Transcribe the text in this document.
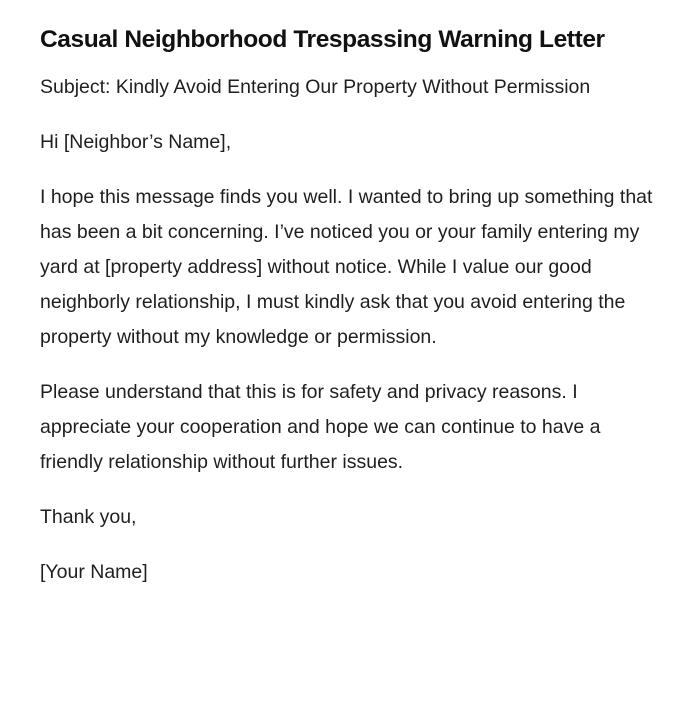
Casual Neighborhood Trespassing Warning Letter

Subject: Kindly Avoid Entering Our Property Without Permission

Hi [Neighbor’s Name],

I hope this message finds you well. I wanted to bring up something that has been a bit concerning. I’ve noticed you or your family entering my yard at [property address] without notice. While I value our good neighborly relationship, I must kindly ask that you avoid entering the property without my knowledge or permission.

Please understand that this is for safety and privacy reasons. I appreciate your cooperation and hope we can continue to have a friendly relationship without further issues.

Thank you,

[Your Name]
